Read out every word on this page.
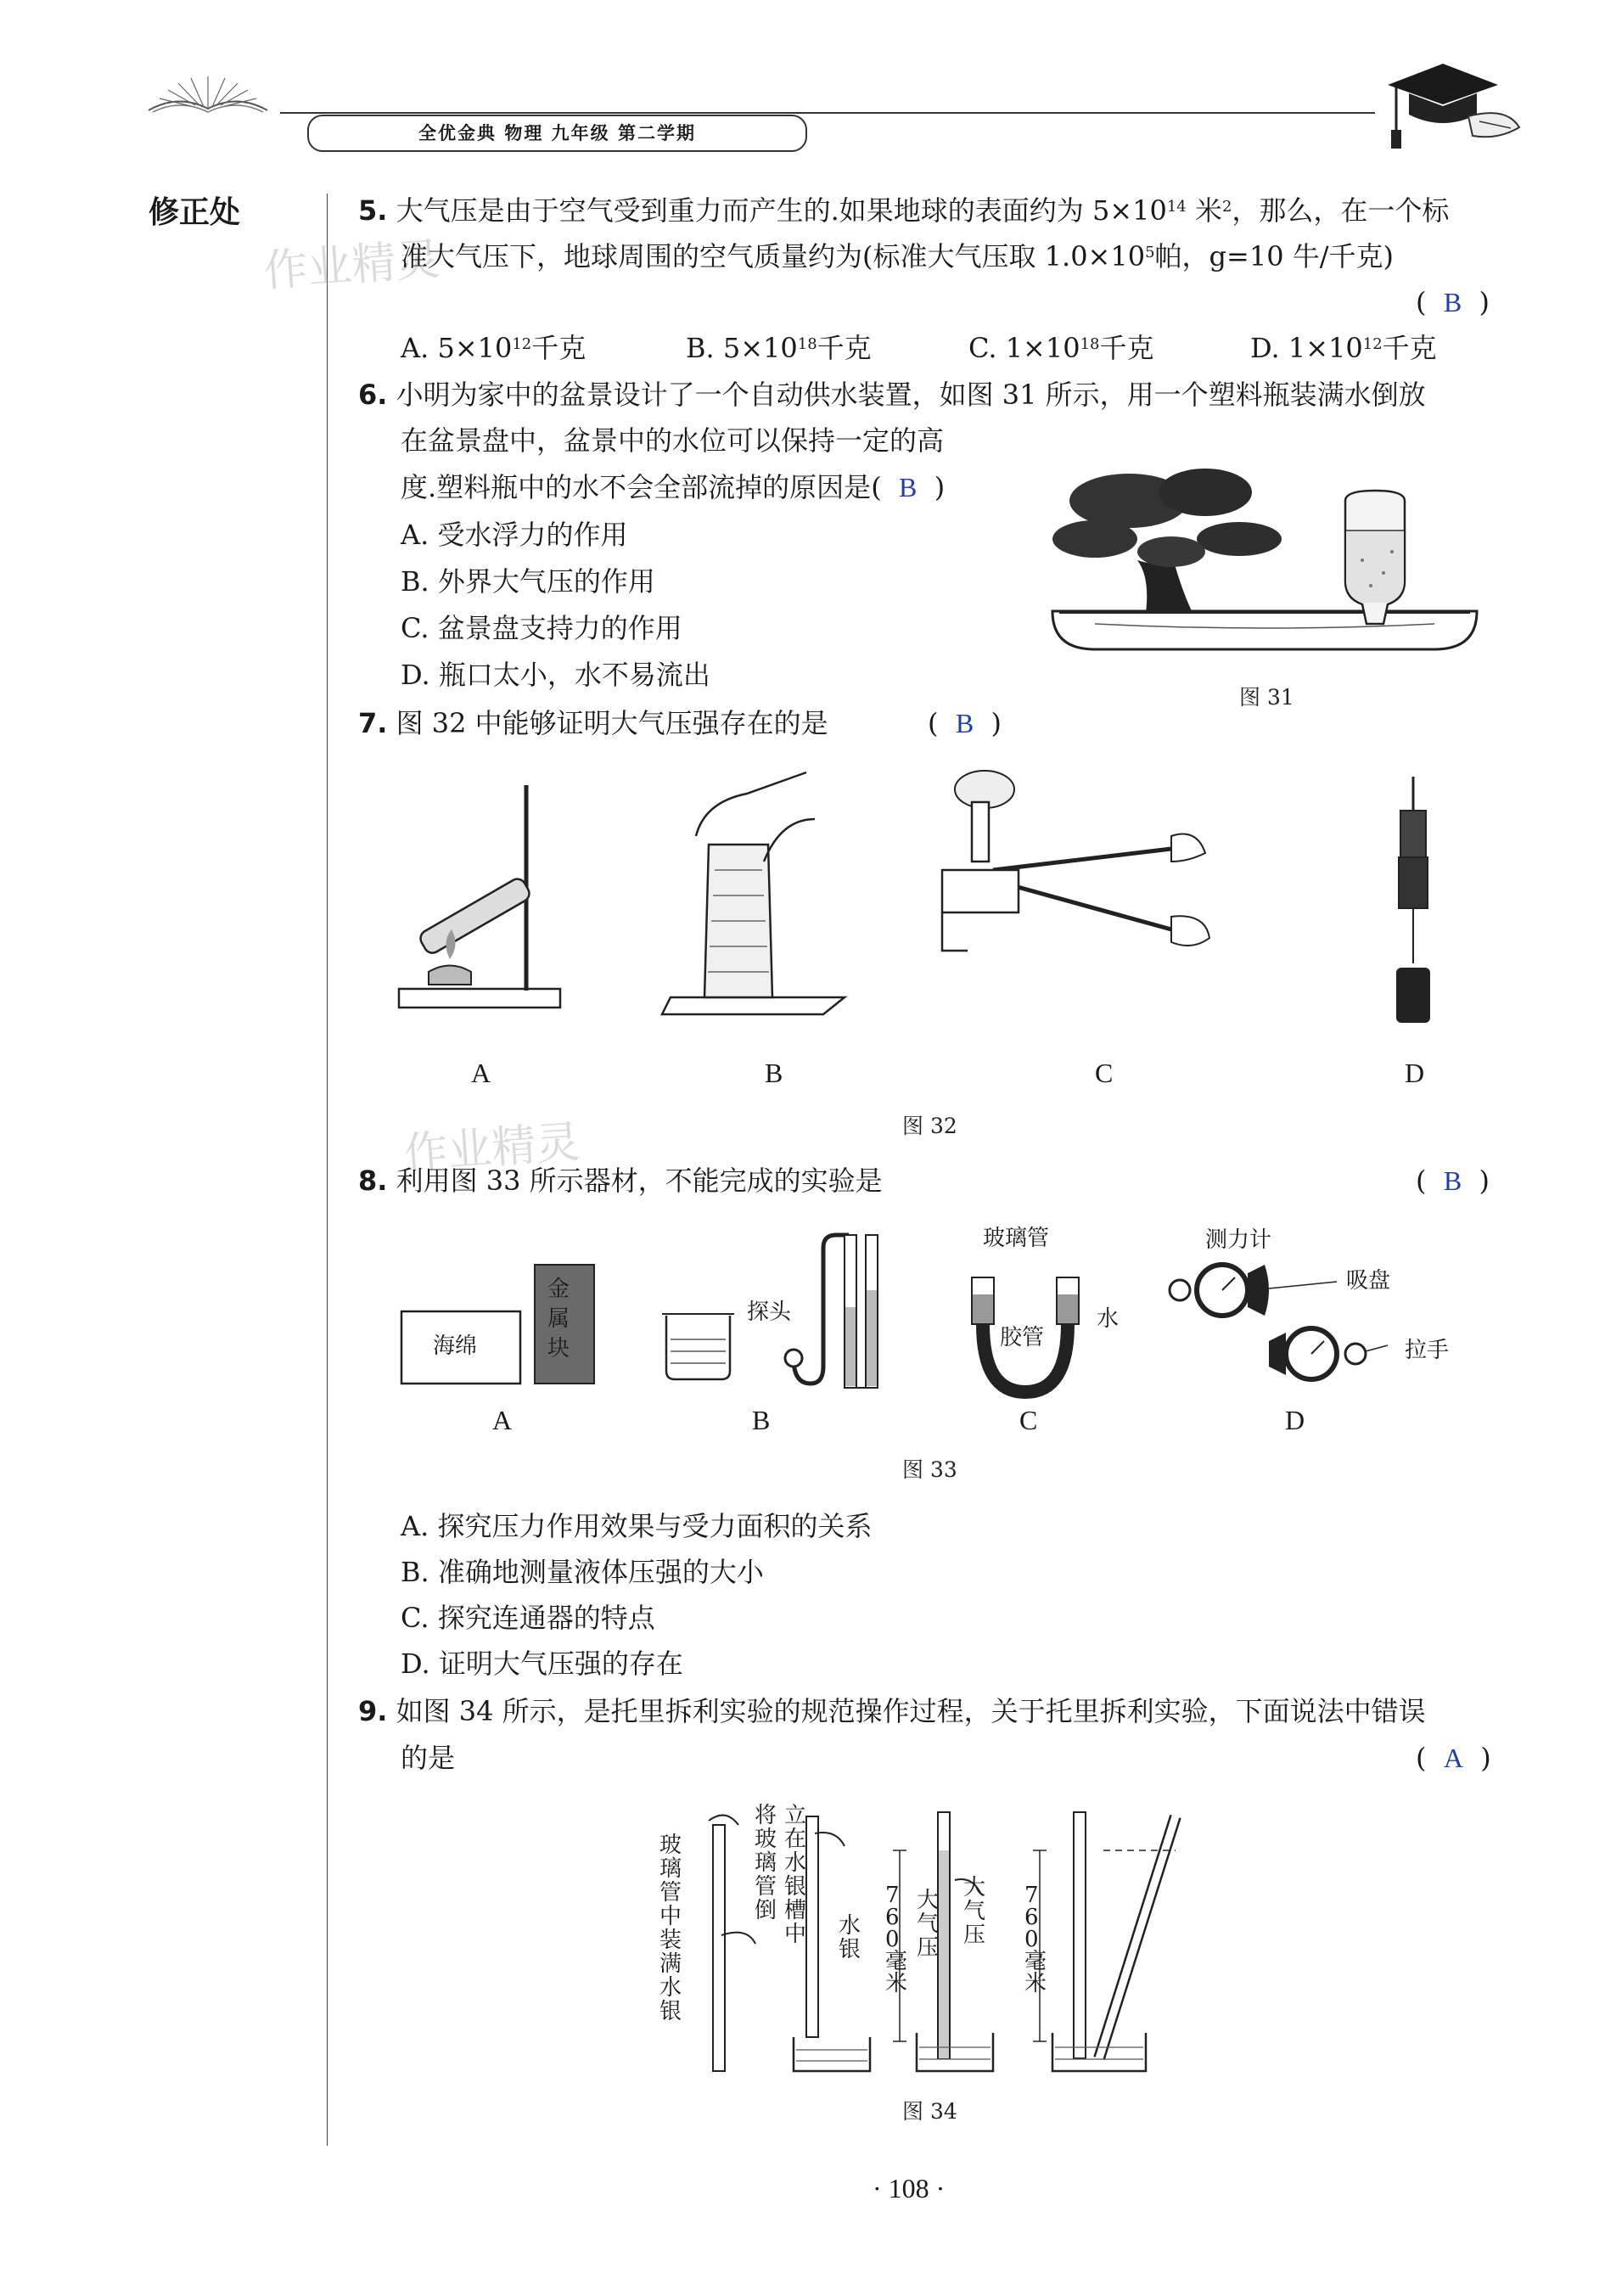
全优金典 物理 九年级 第二学期
修正处
作业精灵
作业精灵
5. 大气压是由于空气受到重力而产生的.如果地球的表面约为 $5\times 10^{14}$ 米$^2$，那么，在一个标
准大气压下，地球周围的空气质量约为(标准大气压取 $1.0\times 10^5$帕，g=10 牛/千克)
(  B  )
A. $5\times 10^{12}$千克	B. $5\times 10^{18}$千克	C. $1\times 10^{18}$千克	D. $1\times 10^{12}$千克
6. 小明为家中的盆景设计了一个自动供水装置，如图 31 所示，用一个塑料瓶装满水倒放
在盆景盘中，盆景中的水位可以保持一定的高
度.塑料瓶中的水不会全部流掉的原因是(  B  )
A. 受水浮力的作用
B. 外界大气压的作用
C. 盆景盘支持力的作用
D. 瓶口太小，水不易流出
图 31
7. 图 32 中能够证明大气压强存在的是	(  B  )
A	B	C	D
图 32
8. 利用图 33 所示器材，不能完成的实验是	(  B  )
海绵
金
属
块
探头
玻璃管
胶管
水
测力计
吸盘
拉手
A	B	C	D
图 33
A. 探究压力作用效果与受力面积的关系
B. 准确地测量液体压强的大小
C. 探究连通器的特点
D. 证明大气压强的存在
9. 如图 34 所示，是托里拆利实验的规范操作过程，关于托里拆利实验，下面说法中错误
的是	(  A  )
玻璃管中装满水银
将玻璃管倒
立在水银槽中 水银
760毫米
大气压
大气压
760毫米
图 34
· 108 ·
